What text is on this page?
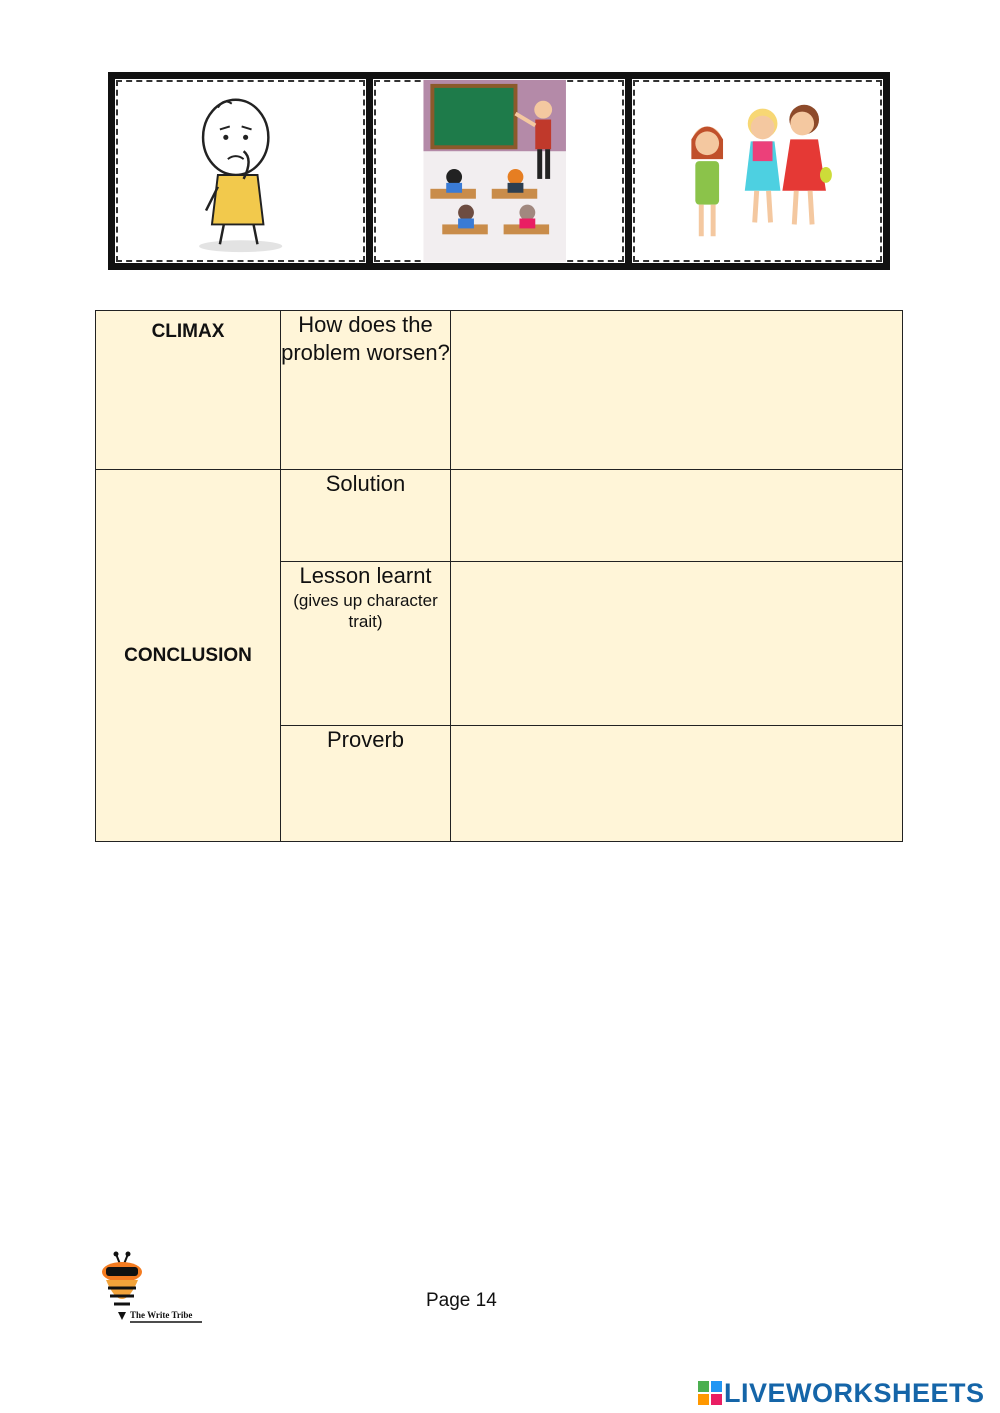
CLIMAX	How does the problem worsen?	
CONCLUSION	Solution	
	Lesson learnt
(gives up character trait)

	Proverb	
The Write Tribe
Page 14
LIVEWORKSHEETS
